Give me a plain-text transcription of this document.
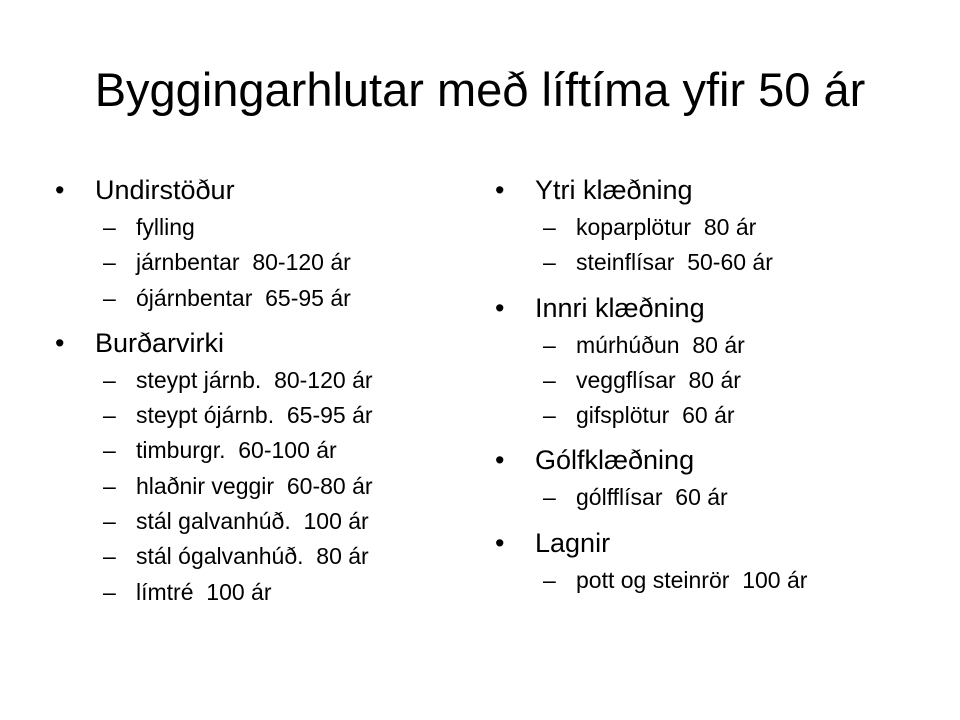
Byggingarhlutar með líftíma yfir 50 ár
•	Undirstöður
– fylling
– járnbentar  80-120 ár
– ójárnbentar  65-95 ár
•	Burðarvirki
– steypt járnb.  80-120 ár
– steypt ójárnb.  65-95 ár
– timburgr.  60-100 ár
– hlaðnir veggir  60-80 ár
– stál galvanhúð.  100 ár
– stál ógalvanhúð.  80 ár
– límtré  100 ár
•	Ytri klæðning
– koparplötur  80 ár
– steinflísar  50-60 ár
•	Innri klæðning
– múrhúðun  80 ár
– veggflísar  80 ár
– gifsplötur  60 ár
•	Gólfklæðning
– gólfflísar  60 ár
•	Lagnir
– pott og steinrör  100 ár
